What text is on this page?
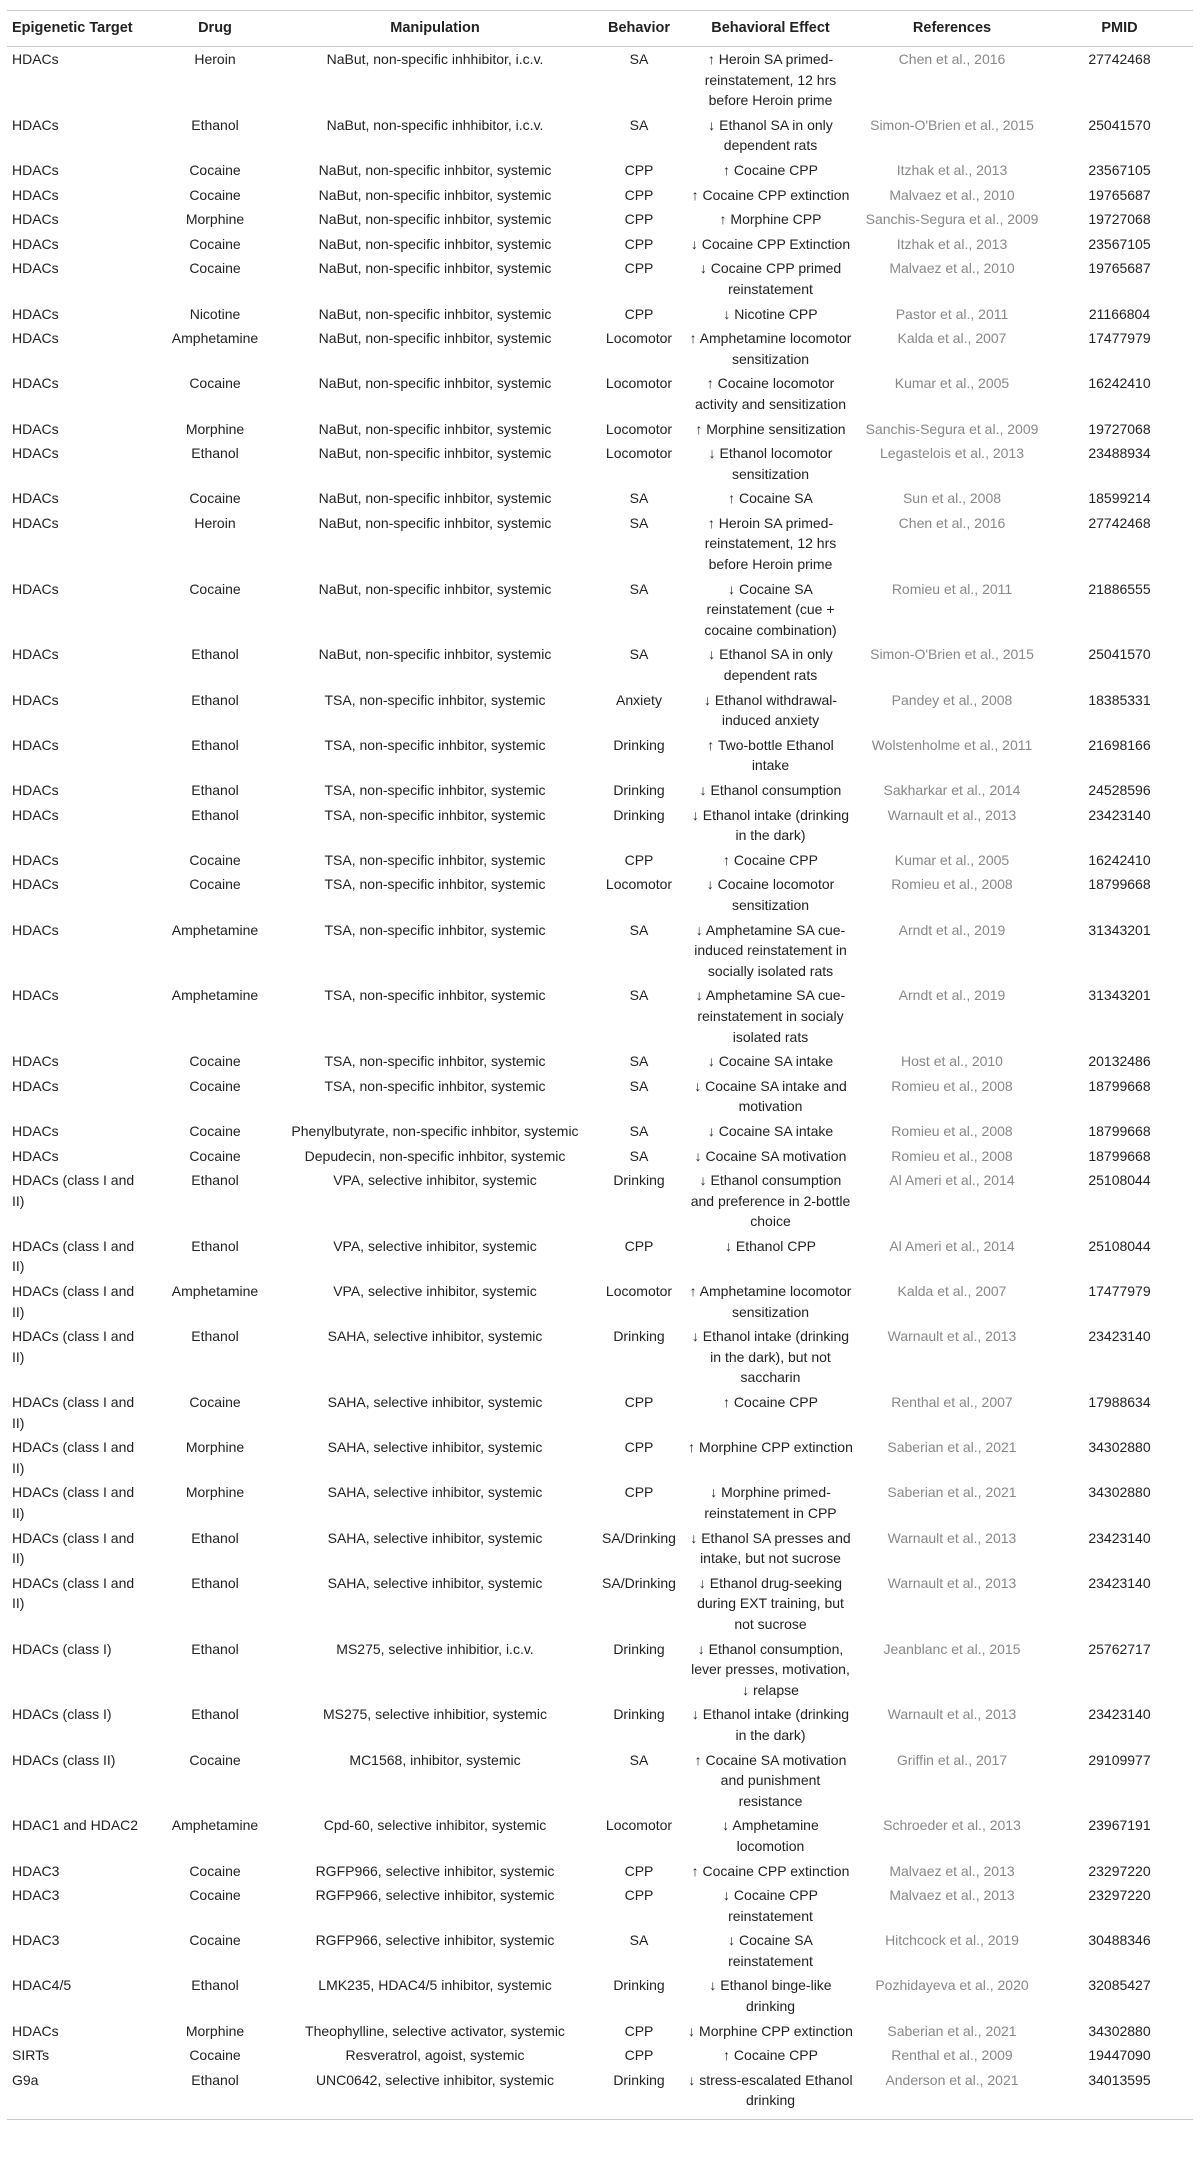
Epigenetic Target	Drug	Manipulation	Behavior	Behavioral Effect	References	PMID
HDACs	Heroin	NaBut, non-specific inhhibitor, i.c.v.	SA	↑ Heroin SA primed-reinstatement, 12 hrs before Heroin prime	Chen et al., 2016	27742468
HDACs	Ethanol	NaBut, non-specific inhhibitor, i.c.v.	SA	↓ Ethanol SA in only dependent rats	Simon-O'Brien et al., 2015	25041570
HDACs	Cocaine	NaBut, non-specific inhbitor, systemic	CPP	↑ Cocaine CPP	Itzhak et al., 2013	23567105
HDACs	Cocaine	NaBut, non-specific inhbitor, systemic	CPP	↑ Cocaine CPP extinction	Malvaez et al., 2010	19765687
HDACs	Morphine	NaBut, non-specific inhbitor, systemic	CPP	↑ Morphine CPP	Sanchis-Segura et al., 2009	19727068
HDACs	Cocaine	NaBut, non-specific inhbitor, systemic	CPP	↓ Cocaine CPP Extinction	Itzhak et al., 2013	23567105
HDACs	Cocaine	NaBut, non-specific inhbitor, systemic	CPP	↓ Cocaine CPP primed reinstatement	Malvaez et al., 2010	19765687
HDACs	Nicotine	NaBut, non-specific inhbitor, systemic	CPP	↓ Nicotine CPP	Pastor et al., 2011	21166804
HDACs	Amphetamine	NaBut, non-specific inhbitor, systemic	Locomotor	↑ Amphetamine locomotor sensitization	Kalda et al., 2007	17477979
HDACs	Cocaine	NaBut, non-specific inhbitor, systemic	Locomotor	↑ Cocaine locomotor activity and sensitization	Kumar et al., 2005	16242410
HDACs	Morphine	NaBut, non-specific inhbitor, systemic	Locomotor	↑ Morphine sensitization	Sanchis-Segura et al., 2009	19727068
HDACs	Ethanol	NaBut, non-specific inhbitor, systemic	Locomotor	↓ Ethanol locomotor sensitization	Legastelois et al., 2013	23488934
HDACs	Cocaine	NaBut, non-specific inhbitor, systemic	SA	↑ Cocaine SA	Sun et al., 2008	18599214
HDACs	Heroin	NaBut, non-specific inhbitor, systemic	SA	↑ Heroin SA primed-reinstatement, 12 hrs before Heroin prime	Chen et al., 2016	27742468
HDACs	Cocaine	NaBut, non-specific inhbitor, systemic	SA	↓ Cocaine SA reinstatement (cue + cocaine combination)	Romieu et al., 2011	21886555
HDACs	Ethanol	NaBut, non-specific inhbitor, systemic	SA	↓ Ethanol SA in only dependent rats	Simon-O'Brien et al., 2015	25041570
HDACs	Ethanol	TSA, non-specific inhbitor, systemic	Anxiety	↓ Ethanol withdrawal-induced anxiety	Pandey et al., 2008	18385331
HDACs	Ethanol	TSA, non-specific inhbitor, systemic	Drinking	↑ Two-bottle Ethanol intake	Wolstenholme et al., 2011	21698166
HDACs	Ethanol	TSA, non-specific inhbitor, systemic	Drinking	↓ Ethanol consumption	Sakharkar et al., 2014	24528596
HDACs	Ethanol	TSA, non-specific inhbitor, systemic	Drinking	↓ Ethanol intake (drinking in the dark)	Warnault et al., 2013	23423140
HDACs	Cocaine	TSA, non-specific inhbitor, systemic	CPP	↑ Cocaine CPP	Kumar et al., 2005	16242410
HDACs	Cocaine	TSA, non-specific inhbitor, systemic	Locomotor	↓ Cocaine locomotor sensitization	Romieu et al., 2008	18799668
HDACs	Amphetamine	TSA, non-specific inhbitor, systemic	SA	↓ Amphetamine SA cue-induced reinstatement in socially isolated rats	Arndt et al., 2019	31343201
HDACs	Amphetamine	TSA, non-specific inhbitor, systemic	SA	↓ Amphetamine SA cue-reinstatement in socialy isolated rats	Arndt et al., 2019	31343201
HDACs	Cocaine	TSA, non-specific inhbitor, systemic	SA	↓ Cocaine SA intake	Host et al., 2010	20132486
HDACs	Cocaine	TSA, non-specific inhbitor, systemic	SA	↓ Cocaine SA intake and motivation	Romieu et al., 2008	18799668
HDACs	Cocaine	Phenylbutyrate, non-specific inhbitor, systemic	SA	↓ Cocaine SA intake	Romieu et al., 2008	18799668
HDACs	Cocaine	Depudecin, non-specific inhbitor, systemic	SA	↓ Cocaine SA motivation	Romieu et al., 2008	18799668
HDACs (class I and II)	Ethanol	VPA, selective inhibitor, systemic	Drinking	↓ Ethanol consumption and preference in 2-bottle choice	Al Ameri et al., 2014	25108044
HDACs (class I and II)	Ethanol	VPA, selective inhibitor, systemic	CPP	↓ Ethanol CPP	Al Ameri et al., 2014	25108044
HDACs (class I and II)	Amphetamine	VPA, selective inhibitor, systemic	Locomotor	↑ Amphetamine locomotor sensitization	Kalda et al., 2007	17477979
HDACs (class I and II)	Ethanol	SAHA, selective inhibitor, systemic	Drinking	↓ Ethanol intake (drinking in the dark), but not saccharin	Warnault et al., 2013	23423140
HDACs (class I and II)	Cocaine	SAHA, selective inhibitor, systemic	CPP	↑ Cocaine CPP	Renthal et al., 2007	17988634
HDACs (class I and II)	Morphine	SAHA, selective inhibitor, systemic	CPP	↑ Morphine CPP extinction	Saberian et al., 2021	34302880
HDACs (class I and II)	Morphine	SAHA, selective inhibitor, systemic	CPP	↓ Morphine primed-reinstatement in CPP	Saberian et al., 2021	34302880
HDACs (class I and II)	Ethanol	SAHA, selective inhibitor, systemic	SA/Drinking	↓ Ethanol SA presses and intake, but not sucrose	Warnault et al., 2013	23423140
HDACs (class I and II)	Ethanol	SAHA, selective inhibitor, systemic	SA/Drinking	↓ Ethanol drug-seeking during EXT training, but not sucrose	Warnault et al., 2013	23423140
HDACs (class I)	Ethanol	MS275, selective inhibitior, i.c.v.	Drinking	↓ Ethanol consumption, lever presses, motivation, ↓ relapse	Jeanblanc et al., 2015	25762717
HDACs (class I)	Ethanol	MS275, selective inhibitior, systemic	Drinking	↓ Ethanol intake (drinking in the dark)	Warnault et al., 2013	23423140
HDACs (class II)	Cocaine	MC1568, inhibitor, systemic	SA	↑ Cocaine SA motivation and punishment resistance	Griffin et al., 2017	29109977
HDAC1 and HDAC2	Amphetamine	Cpd-60, selective inhibitor, systemic	Locomotor	↓ Amphetamine locomotion	Schroeder et al., 2013	23967191
HDAC3	Cocaine	RGFP966, selective inhibitor, systemic	CPP	↑ Cocaine CPP extinction	Malvaez et al., 2013	23297220
HDAC3	Cocaine	RGFP966, selective inhibitor, systemic	CPP	↓ Cocaine CPP reinstatement	Malvaez et al., 2013	23297220
HDAC3	Cocaine	RGFP966, selective inhibitor, systemic	SA	↓ Cocaine SA reinstatement	Hitchcock et al., 2019	30488346
HDAC4/5	Ethanol	LMK235, HDAC4/5 inhibitor, systemic	Drinking	↓ Ethanol binge-like drinking	Pozhidayeva et al., 2020	32085427
HDACs	Morphine	Theophylline, selective activator, systemic	CPP	↓ Morphine CPP extinction	Saberian et al., 2021	34302880
SIRTs	Cocaine	Resveratrol, agoist, systemic	CPP	↑ Cocaine CPP	Renthal et al., 2009	19447090
G9a	Ethanol	UNC0642, selective inhibitor, systemic	Drinking	↓ stress-escalated Ethanol drinking	Anderson et al., 2021	34013595
